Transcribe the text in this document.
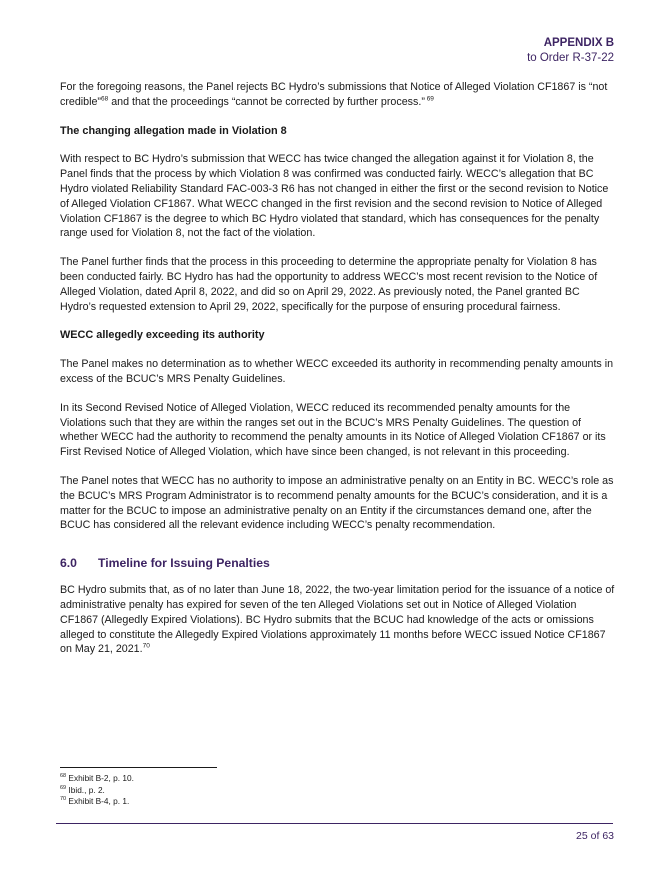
APPENDIX B
to Order R-37-22

For the foregoing reasons, the Panel rejects BC Hydro’s submissions that Notice of Alleged Violation CF1867 is “not credible”$^{68}$ and that the proceedings “cannot be corrected by further process.” $^{69}$

The changing allegation made in Violation 8

With respect to BC Hydro’s submission that WECC has twice changed the allegation against it for Violation 8, the Panel finds that the process by which Violation 8 was confirmed was conducted fairly. WECC’s allegation that BC Hydro violated Reliability Standard FAC-003-3 R6 has not changed in either the first or the second revision to Notice of Alleged Violation CF1867. What WECC changed in the first revision and the second revision to Notice of Alleged Violation CF1867 is the degree to which BC Hydro violated that standard, which has consequences for the penalty range used for Violation 8, not the fact of the violation.

The Panel further finds that the process in this proceeding to determine the appropriate penalty for Violation 8 has been conducted fairly. BC Hydro has had the opportunity to address WECC’s most recent revision to the Notice of Alleged Violation, dated April 8, 2022, and did so on April 29, 2022. As previously noted, the Panel granted BC Hydro’s requested extension to April 29, 2022, specifically for the purpose of ensuring procedural fairness.

WECC allegedly exceeding its authority

The Panel makes no determination as to whether WECC exceeded its authority in recommending penalty amounts in excess of the BCUC’s MRS Penalty Guidelines.

In its Second Revised Notice of Alleged Violation, WECC reduced its recommended penalty amounts for the Violations such that they are within the ranges set out in the BCUC’s MRS Penalty Guidelines. The question of whether WECC had the authority to recommend the penalty amounts in its Notice of Alleged Violation CF1867 or its First Revised Notice of Alleged Violation, which have since been changed, is not relevant in this proceeding.

The Panel notes that WECC has no authority to impose an administrative penalty on an Entity in BC. WECC’s role as the BCUC’s MRS Program Administrator is to recommend penalty amounts for the BCUC’s consideration, and it is a matter for the BCUC to impose an administrative penalty on an Entity if the circumstances demand one, after the BCUC has considered all the relevant evidence including WECC’s penalty recommendation.

6.0	Timeline for Issuing Penalties

BC Hydro submits that, as of no later than June 18, 2022, the two-year limitation period for the issuance of a notice of administrative penalty has expired for seven of the ten Alleged Violations set out in Notice of Alleged Violation CF1867 (Allegedly Expired Violations). BC Hydro submits that the BCUC had knowledge of the acts or omissions alleged to constitute the Allegedly Expired Violations approximately 11 months before WECC issued Notice CF1867 on May 21, 2021.70

$^{68}$ Exhibit B-2, p. 10.
$^{69}$ Ibid., p. 2.
$^{70}$ Exhibit B-4, p. 1.
25 of 63
